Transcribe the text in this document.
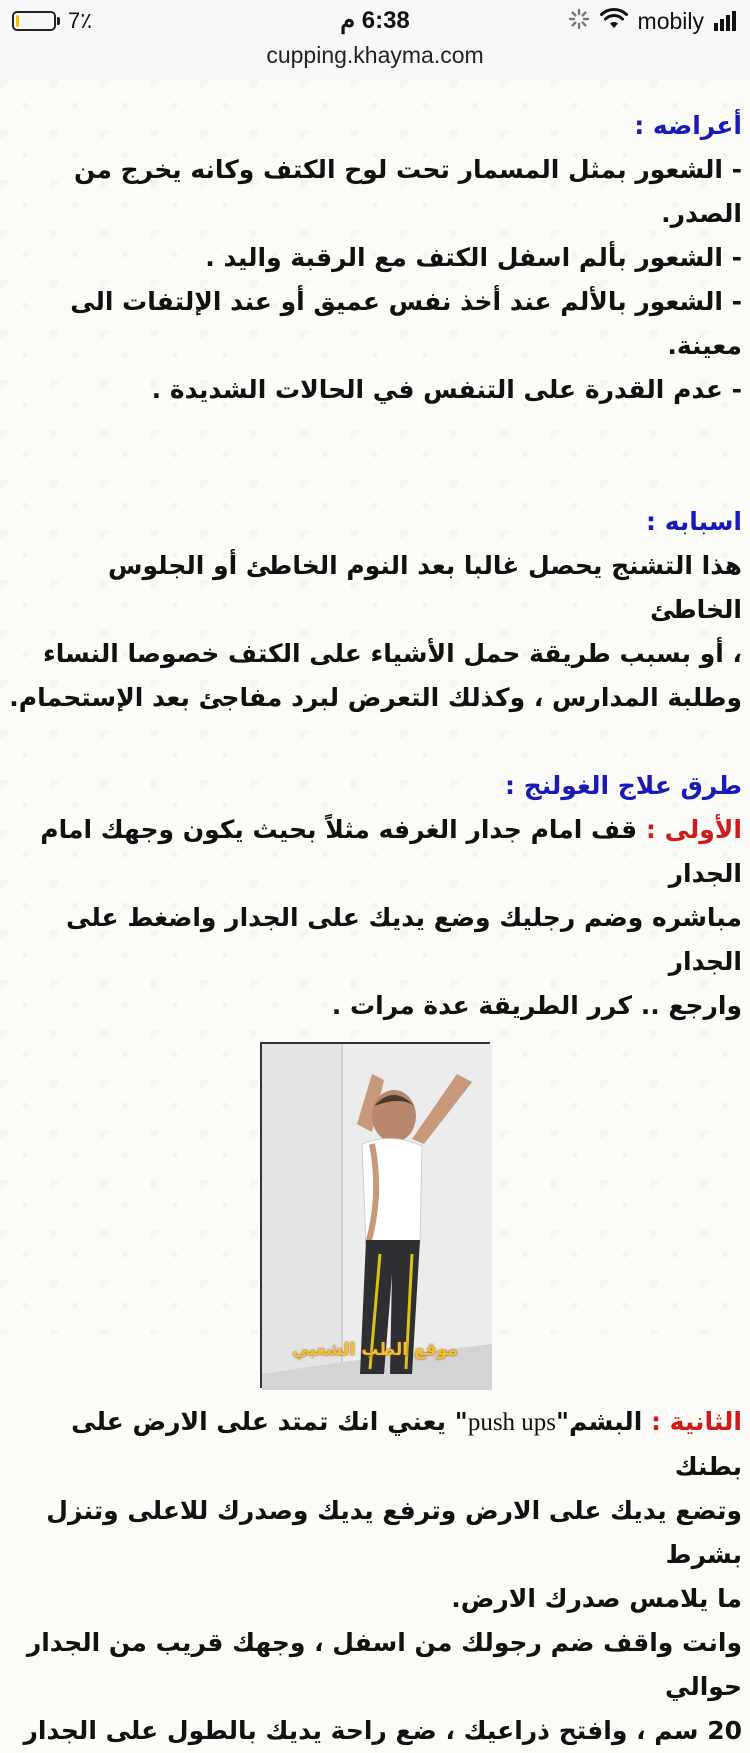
7٪	6:38 م	mobily
cupping.khayma.com

أعراضه :

- الشعور بمثل المسمار تحت لوح الكتف وكانه يخرج من الصدر.

- الشعور بألم اسفل الكتف مع الرقبة واليد .

- الشعور بالألم عند أخذ نفس عميق أو عند الإلتفات الى معينة.

- عدم القدرة على التنفس في الحالات الشديدة .

اسبابه :

هذا التشنج يحصل غالبا بعد النوم الخاطئ أو الجلوس الخاطئ

، أو بسبب طريقة حمل الأشياء على الكتف خصوصا النساء

وطلبة المدارس ، وكذلك التعرض لبرد مفاجئ بعد الإستحمام.

طرق علاج الغولنج :

الأولى : قف امام جدار الغرفه مثلاً بحيث يكون وجهك امام الجدار

مباشره وضم رجليك وضع يديك على الجدار واضغط على الجدار

وارجع .. كرر الطريقة عدة مرات .

موقع الطب الشعبي

الثانية : البشم"push ups" يعني انك تمتد على الارض على بطنك

وتضع يديك على الارض وترفع يديك وصدرك للاعلى وتنزل بشرط

ما يلامس صدرك الارض.

وانت واقف ضم رجولك من اسفل ، وجهك قريب من الجدار حوالي

20 سم ، وافتح ذراعيك ، ضع راحة يديك بالطول على الجدار
